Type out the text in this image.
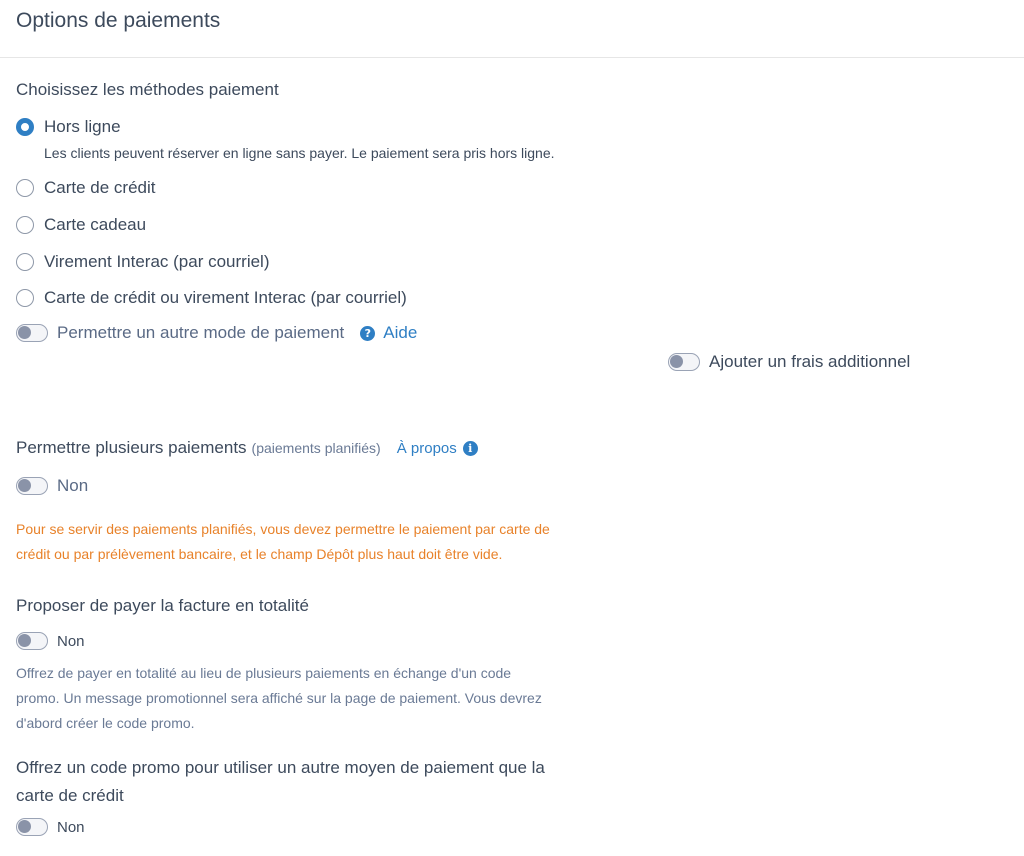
Options de paiements
Choisissez les méthodes paiement
Hors ligne
Les clients peuvent réserver en ligne sans payer. Le paiement sera pris hors ligne.
Carte de crédit
Carte cadeau
Virement Interac (par courriel)
Carte de crédit ou virement Interac (par courriel)
Permettre un autre mode de paiement	? Aide
Ajouter un frais additionnel
Permettre plusieurs paiements (paiements planifiés) À propos	i
Non
Pour se servir des paiements planifiés, vous devez permettre le paiement par carte de
crédit ou par prélèvement bancaire, et le champ Dépôt plus haut doit être vide.
Proposer de payer la facture en totalité
Non
Offrez de payer en totalité au lieu de plusieurs paiements en échange d'un code
promo. Un message promotionnel sera affiché sur la page de paiement. Vous devrez
d'abord créer le code promo.
Offrez un code promo pour utiliser un autre moyen de paiement que la
carte de crédit
Non
